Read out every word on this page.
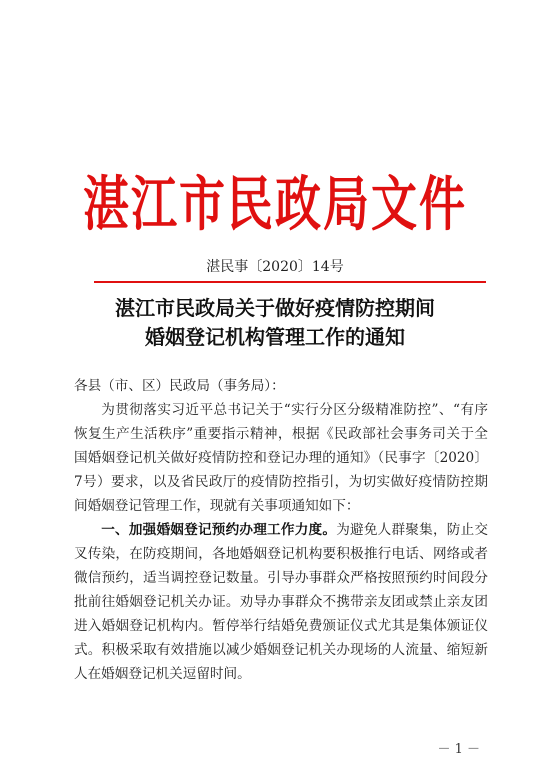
湛江市民政局文件
湛民事〔2020〕14号
湛江市民政局关于做好疫情防控期间
婚姻登记机构管理工作的通知

各县（市、区）民政局（事务局）：

为贯彻落实习近平总书记关于“实行分区分级精准防控”、“有序恢复生产生活秩序”重要指示精神，根据《民政部社会事务司关于全国婚姻登记机关做好疫情防控和登记办理的通知》（民事字〔2020〕7号）要求，以及省民政厅的疫情防控指引，为切实做好疫情防控期间婚姻登记管理工作，现就有关事项通知如下：

一、加强婚姻登记预约办理工作力度。为避免人群聚集，防止交叉传染，在防疫期间，各地婚姻登记机构要积极推行电话、网络或者微信预约，适当调控登记数量。引导办事群众严格按照预约时间段分批前往婚姻登记机关办证。劝导办事群众不携带亲友团或禁止亲友团进入婚姻登记机构内。暂停举行结婚免费颁证仪式尤其是集体颁证仪式。积极采取有效措施以减少婚姻登记机关办现场的人流量、缩短新人在婚姻登记机关逗留时间。

－ 1 －
